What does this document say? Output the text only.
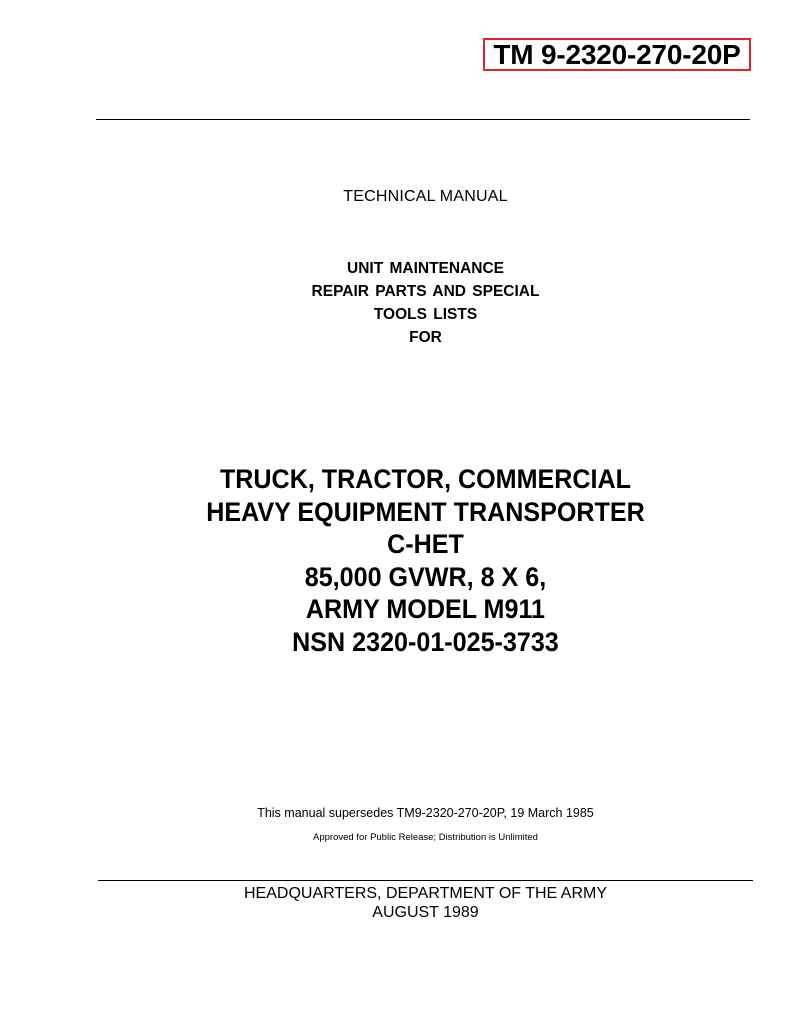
TM 9-2320-270-20P
TECHNICAL MANUAL
UNIT MAINTENANCE
REPAIR PARTS AND SPECIAL
TOOLS LISTS
FOR
TRUCK, TRACTOR, COMMERCIAL
HEAVY EQUIPMENT TRANSPORTER
C-HET
85,000 GVWR, 8 X 6,
ARMY MODEL M911
NSN 2320-01-025-3733
This manual supersedes TM9-2320-270-20P, 19 March 1985
Approved for Public Release; Distribution is Unlimited
HEADQUARTERS, DEPARTMENT OF THE ARMY
AUGUST 1989
